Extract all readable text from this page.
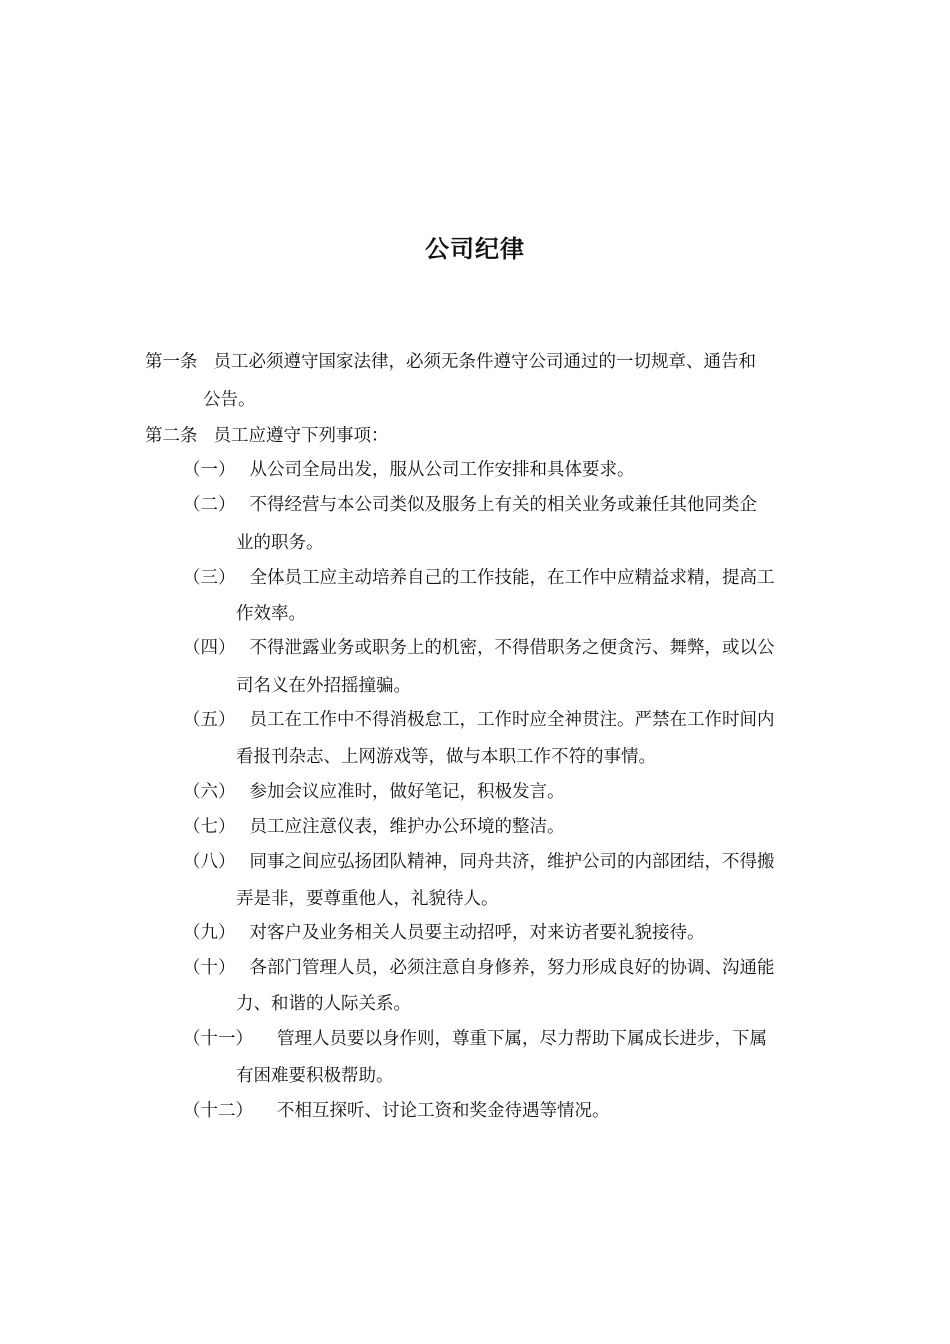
公司纪律
第一条 员工必须遵守国家法律，必须无条件遵守公司通过的一切规章、通告和
公告。
第二条 员工应遵守下列事项：
（一） 从公司全局出发，服从公司工作安排和具体要求。
（二） 不得经营与本公司类似及服务上有关的相关业务或兼任其他同类企
业的职务。
（三） 全体员工应主动培养自己的工作技能，在工作中应精益求精，提高工
作效率。
（四） 不得泄露业务或职务上的机密，不得借职务之便贪污、舞弊，或以公
司名义在外招摇撞骗。
（五） 员工在工作中不得消极怠工，工作时应全神贯注。严禁在工作时间内
看报刊杂志、上网游戏等，做与本职工作不符的事情。
（六） 参加会议应准时，做好笔记，积极发言。
（七） 员工应注意仪表，维护办公环境的整洁。
（八） 同事之间应弘扬团队精神，同舟共济，维护公司的内部团结，不得搬
弄是非，要尊重他人，礼貌待人。
（九） 对客户及业务相关人员要主动招呼，对来访者要礼貌接待。
（十） 各部门管理人员，必须注意自身修养，努力形成良好的协调、沟通能
力、和谐的人际关系。
（十一） 管理人员要以身作则，尊重下属，尽力帮助下属成长进步，下属
有困难要积极帮助。
（十二） 不相互探听、讨论工资和奖金待遇等情况。
